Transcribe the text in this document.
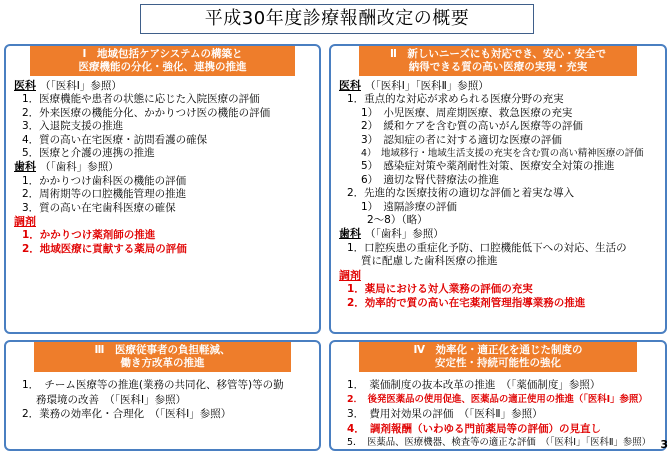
平成30年度診療報酬改定の概要
Ⅰ　地域包括ケアシステムの構築と
医療機能の分化・強化、連携の推進
医科 （「医科Ⅰ」参照）
1．医療機能や患者の状態に応じた入院医療の評価
2．外来医療の機能分化、かかりつけ医の機能の評価
3．入退院支援の推進
4．質の高い在宅医療・訪問看護の確保
5．医療と介護の連携の推進
歯科 （「歯科」参照）
1．かかりつけ歯科医の機能の評価
2．周術期等の口腔機能管理の推進
3．質の高い在宅歯科医療の確保
調剤
1．かかりつけ薬剤師の推進
2．地域医療に貢献する薬局の評価
Ⅱ　新しいニーズにも対応でき、安心・安全で
納得できる質の高い医療の実現・充実
医科 （「医科Ⅰ」「医科Ⅱ」参照）
1．重点的な対応が求められる医療分野の充実
1）　小児医療、周産期医療、救急医療の充実
2）　緩和ケアを含む質の高いがん医療等の評価
3）　認知症の者に対する適切な医療の評価
4）　地域移行・地域生活支援の充実を含む質の高い精神医療の評価
5）　感染症対策や薬剤耐性対策、医療安全対策の推進
6）　適切な腎代替療法の推進
2．先進的な医療技術の適切な評価と着実な導入
1）　遠隔診療の評価
2～8）（略）
歯科 （「歯科」参照）
1．口腔疾患の重症化予防、口腔機能低下への対応、生活の
質に配慮した歯科医療の推進
調剤
1．薬局における対人業務の評価の充実
2．効率的で質の高い在宅薬剤管理指導業務の推進
Ⅲ　医療従事者の負担軽減、
働き方改革の推進
1．　チーム医療等の推進(業務の共同化、移管等)等の勤
務環境の改善　（「医科Ⅰ」参照）
2．業務の効率化・合理化　（「医科Ⅰ」参照）
Ⅳ　効率化・適正化を通じた制度の
安定性・持続可能性の強化
1．　薬価制度の抜本改革の推進　（「薬価制度」参照）
2．　後発医薬品の使用促進、医薬品の適正使用の推進（「医科Ⅰ」参照）
3．　費用対効果の評価　（「医科Ⅱ」参照）
4．　調剤報酬（いわゆる門前薬局等の評価）の見直し
5．　医薬品、医療機器、検査等の適正な評価　（「医科Ⅰ」「医科Ⅱ」参照） 3
